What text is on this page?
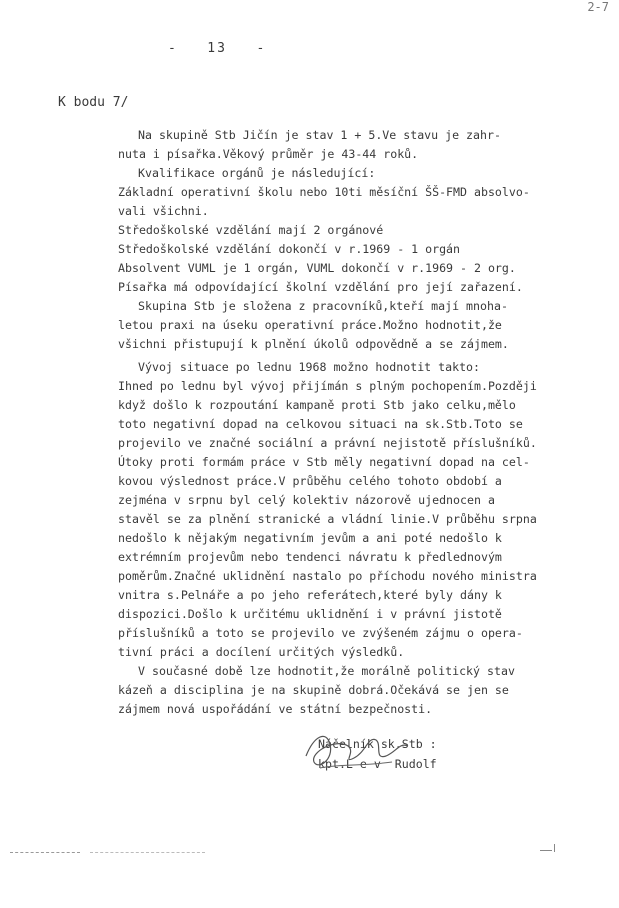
2-7
-   13   -
K bodu 7/
Na skupině Stb Jičín je stav 1 + 5.Ve stavu je zahr-
nuta i písařka.Věkový průměr je 43-44 roků.
Kvalifikace orgánů je následující:
Základní operativní školu nebo 10ti měsíční ŠŠ-FMD absolvo-
vali všichni.
Středoškolské vzdělání mají 2 orgánové
Středoškolské vzdělání dokončí v r.1969 - 1 orgán
Absolvent VUML je 1 orgán, VUML dokončí v r.1969 - 2 org.
Písařka má odpovídající školní vzdělání pro její zařazení.
Skupina Stb je složena z pracovníků,kteří mají mnoha-
letou praxi na úseku operativní práce.Možno hodnotit,že
všichni přistupují k plnění úkolů odpovědně a se zájmem.
Vývoj situace po lednu 1968 možno hodnotit takto:
Ihned po lednu byl vývoj přijímán s plným pochopením.Později
když došlo k rozpoutání kampaně proti Stb jako celku,mělo
toto negativní dopad na celkovou situaci na sk.Stb.Toto se
projevilo ve značné sociální a právní nejistotě příslušníků.
Útoky proti formám práce v Stb měly negativní dopad na cel-
kovou výslednost práce.V průběhu celého tohoto období a
zejména v srpnu byl celý kolektiv názorově ujednocen a
stavěl se za plnění stranické a vládní linie.V průběhu srpna
nedošlo k nějakým negativním jevům a ani poté nedošlo k
extrémním projevům nebo tendenci návratu k předlednovým
poměrům.Značné uklidnění nastalo po příchodu nového ministra
vnitra s.Pelnáře a po jeho referátech,které byly dány k
dispozici.Došlo k určitému uklidnění i v právní jistotě
příslušníků a toto se projevilo ve zvýšeném zájmu o opera-
tivní práci a docílení určitých výsledků.
V současné době lze hodnotit,že morálně politický stav
kázeň a disciplina je na skupině dobrá.Očekává se jen se
zájmem nová uspořádání ve státní bezpečnosti.
Náčelník sk.Stb :
kpt.L e v  Rudolf
